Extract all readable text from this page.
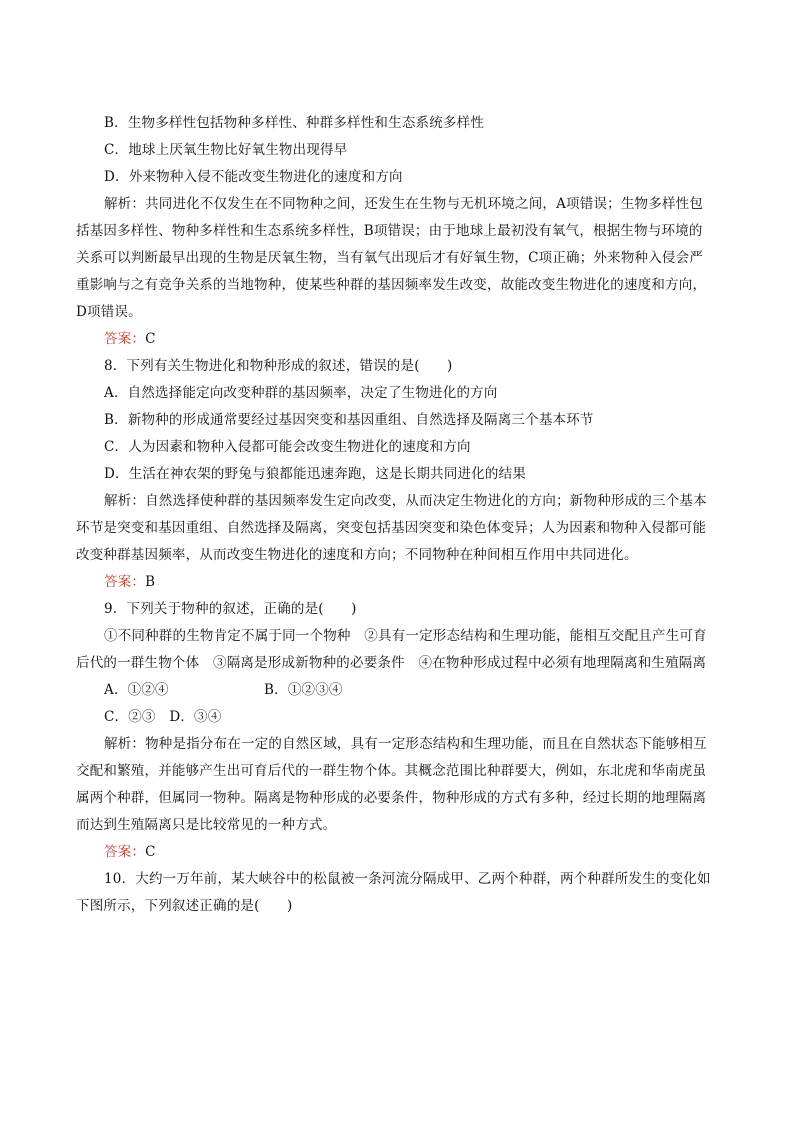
B．生物多样性包括物种多样性、种群多样性和生态系统多样性
C．地球上厌氧生物比好氧生物出现得早
D．外来物种入侵不能改变生物进化的速度和方向
解析：共同进化不仅发生在不同物种之间，还发生在生物与无机环境之间，A项错误；生物多样性包
括基因多样性、物种多样性和生态系统多样性，B项错误；由于地球上最初没有氧气，根据生物与环境的
关系可以判断最早出现的生物是厌氧生物，当有氧气出现后才有好氧生物，C项正确；外来物种入侵会严
重影响与之有竞争关系的当地物种，使某些种群的基因频率发生改变，故能改变生物进化的速度和方向，
D项错误。
答案：C
8．下列有关生物进化和物种形成的叙述，错误的是(　　)
A．自然选择能定向改变种群的基因频率，决定了生物进化的方向
B．新物种的形成通常要经过基因突变和基因重组、自然选择及隔离三个基本环节
C．人为因素和物种入侵都可能会改变生物进化的速度和方向
D．生活在神农架的野兔与狼都能迅速奔跑，这是长期共同进化的结果
解析：自然选择使种群的基因频率发生定向改变，从而决定生物进化的方向；新物种形成的三个基本
环节是突变和基因重组、自然选择及隔离，突变包括基因突变和染色体变异；人为因素和物种入侵都可能
改变种群基因频率，从而改变生物进化的速度和方向；不同物种在种间相互作用中共同进化。
答案：B
9．下列关于物种的叙述，正确的是(　　)
①不同种群的生物肯定不属于同一个物种　②具有一定形态结构和生理功能，能相互交配且产生可育
后代的一群生物个体　③隔离是形成新物种的必要条件　④在物种形成过程中必须有地理隔离和生殖隔离
A．①②④	B．①②③④
C．②③　D．③④
解析：物种是指分布在一定的自然区域，具有一定形态结构和生理功能，而且在自然状态下能够相互
交配和繁殖，并能够产生出可育后代的一群生物个体。其概念范围比种群要大，例如，东北虎和华南虎虽
属两个种群，但属同一物种。隔离是物种形成的必要条件，物种形成的方式有多种，经过长期的地理隔离
而达到生殖隔离只是比较常见的一种方式。
答案：C
10．大约一万年前，某大峡谷中的松鼠被一条河流分隔成甲、乙两个种群，两个种群所发生的变化如
下图所示，下列叙述正确的是(　　)
